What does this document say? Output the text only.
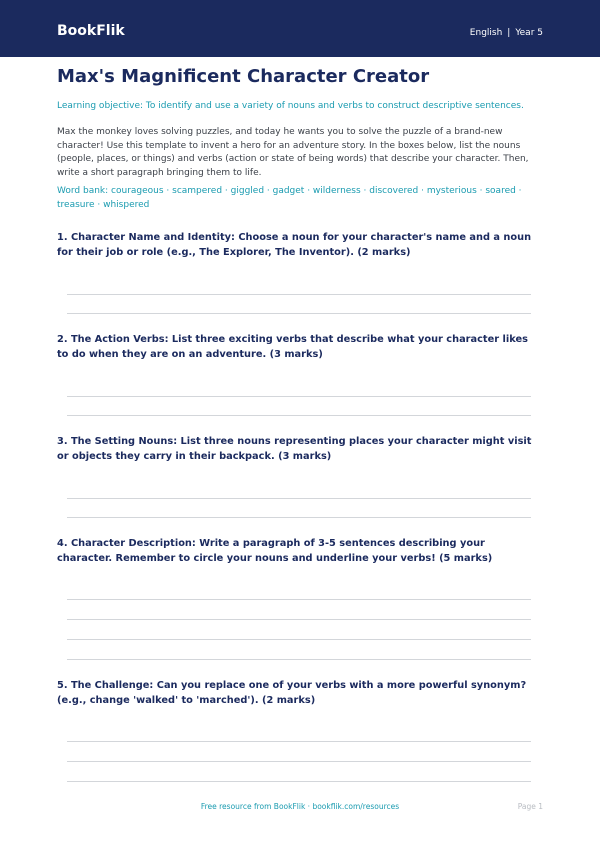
BookFlik	English | Year 5
Max's Magnificent Character Creator

Learning objective: To identify and use a variety of nouns and verbs to construct descriptive sentences.

Max the monkey loves solving puzzles, and today he wants you to solve the puzzle of a brand-new character! Use this template to invent a hero for an adventure story. In the boxes below, list the nouns (people, places, or things) and verbs (action or state of being words) that describe your character. Then, write a short paragraph bringing them to life.

Word bank: courageous · scampered · giggled · gadget · wilderness · discovered · mysterious · soared · treasure · whispered

1. Character Name and Identity: Choose a noun for your character's name and a noun for their job or role (e.g., The Explorer, The Inventor). (2 marks)

2. The Action Verbs: List three exciting verbs that describe what your character likes to do when they are on an adventure. (3 marks)

3. The Setting Nouns: List three nouns representing places your character might visit or objects they carry in their backpack. (3 marks)

4. Character Description: Write a paragraph of 3-5 sentences describing your character. Remember to circle your nouns and underline your verbs! (5 marks)

5. The Challenge: Can you replace one of your verbs with a more powerful synonym? (e.g., change 'walked' to 'marched'). (2 marks)

Free resource from BookFlik · bookflik.com/resources	Page 1
